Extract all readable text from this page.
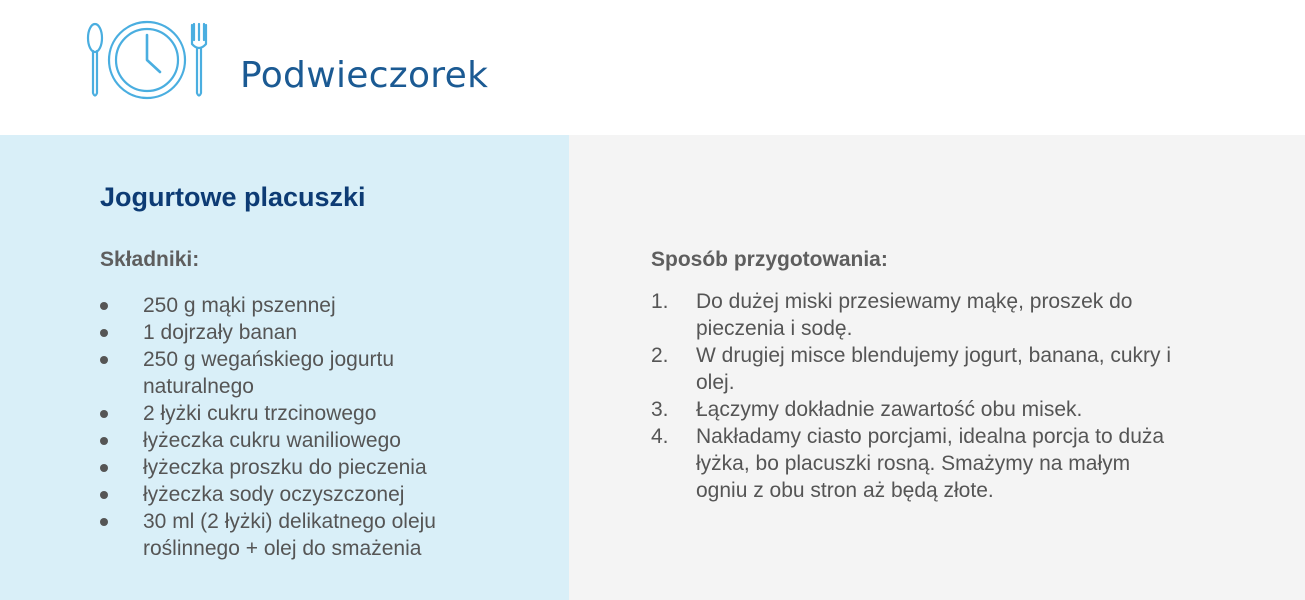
Podwieczorek
Jogurtowe placuszki
Składniki:
250 g mąki pszennej
1 dojrzały banan
250 g wegańskiego jogurtu naturalnego
2 łyżki cukru trzcinowego
łyżeczka cukru waniliowego
łyżeczka proszku do pieczenia
łyżeczka sody oczyszczonej
30 ml (2 łyżki) delikatnego oleju roślinnego + olej do smażenia
Sposób przygotowania:
1. Do dużej miski przesiewamy mąkę, proszek do pieczenia i sodę.
2. W drugiej misce blendujemy jogurt, banana, cukry i olej.
3. Łączymy dokładnie zawartość obu misek.
4. Nakładamy ciasto porcjami, idealna porcja to duża łyżka, bo placuszki rosną. Smażymy na małym ogniu z obu stron aż będą złote.
